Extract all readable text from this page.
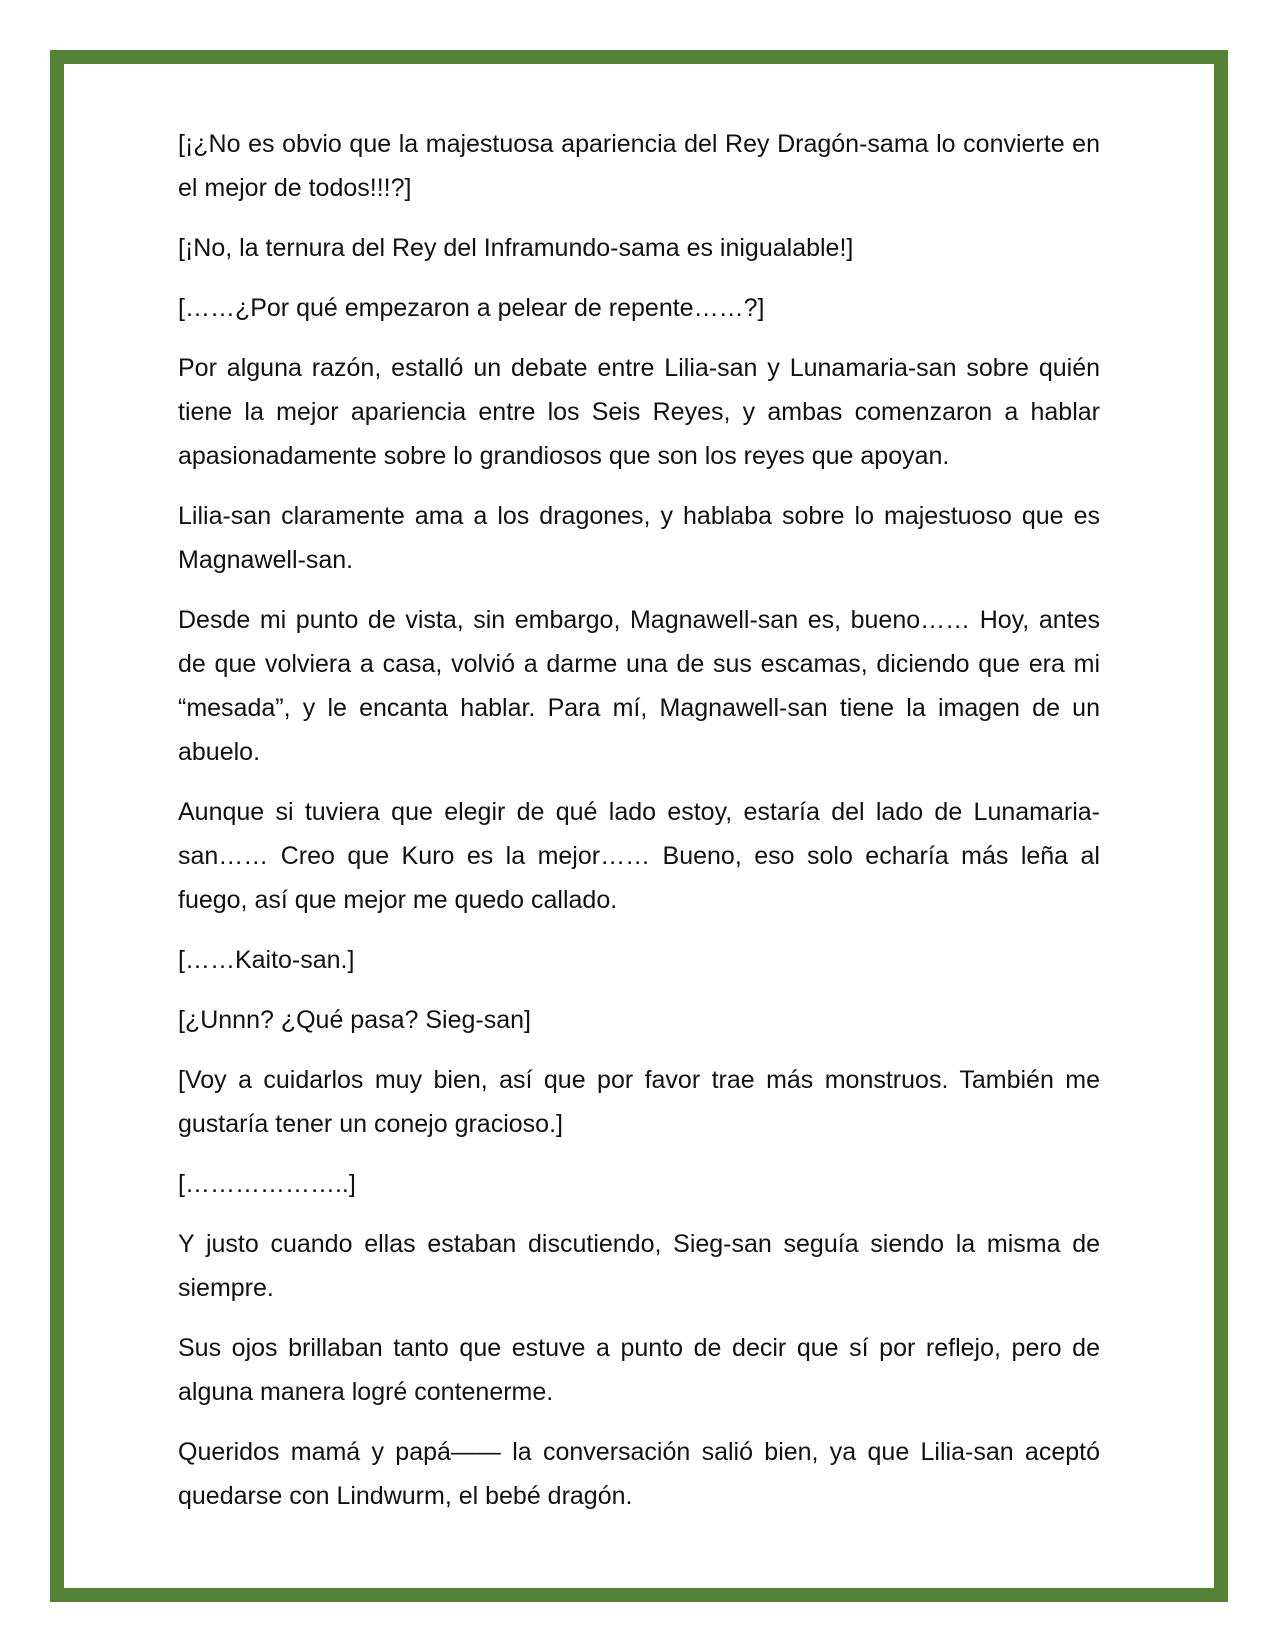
[¡¿No es obvio que la majestuosa apariencia del Rey Dragón-sama lo convierte en el mejor de todos!!!?]

[¡No, la ternura del Rey del Inframundo-sama es inigualable!]

[……¿Por qué empezaron a pelear de repente……?]

Por alguna razón, estalló un debate entre Lilia-san y Lunamaria-san sobre quién tiene la mejor apariencia entre los Seis Reyes, y ambas comenzaron a hablar apasionadamente sobre lo grandiosos que son los reyes que apoyan.

Lilia-san claramente ama a los dragones, y hablaba sobre lo majestuoso que es Magnawell-san.

Desde mi punto de vista, sin embargo, Magnawell-san es, bueno…… Hoy, antes de que volviera a casa, volvió a darme una de sus escamas, diciendo que era mi “mesada”, y le encanta hablar. Para mí, Magnawell-san tiene la imagen de un abuelo.

Aunque si tuviera que elegir de qué lado estoy, estaría del lado de Lunamaria-san…… Creo que Kuro es la mejor…… Bueno, eso solo echaría más leña al fuego, así que mejor me quedo callado.

[……Kaito-san.]

[¿Unnn? ¿Qué pasa? Sieg-san]

[Voy a cuidarlos muy bien, así que por favor trae más monstruos. También me gustaría tener un conejo gracioso.]

[………………..]

Y justo cuando ellas estaban discutiendo, Sieg-san seguía siendo la misma de siempre.

Sus ojos brillaban tanto que estuve a punto de decir que sí por reflejo, pero de alguna manera logré contenerme.

Queridos mamá y papá—— la conversación salió bien, ya que Lilia-san aceptó quedarse con Lindwurm, el bebé dragón.
